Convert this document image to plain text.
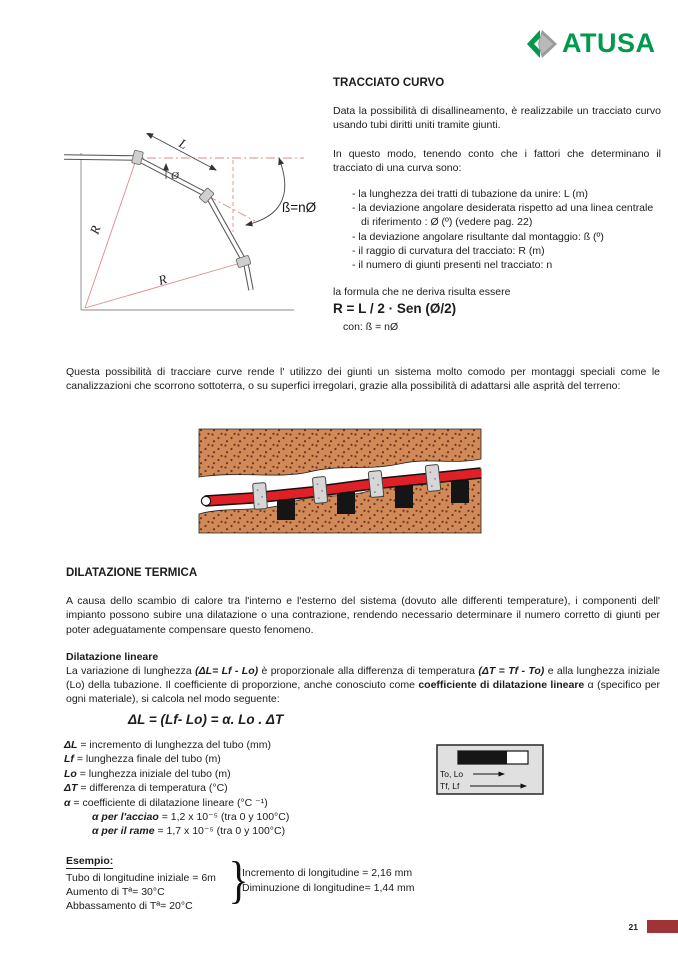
ATUSA
TRACCIATO CURVO

Data la possibilità di disallineamento, è realizzabile un tracciato curvo usando tubi diritti uniti tramite giunti.

In questo modo, tenendo conto che i fattori che determinano il tracciato di una curva sono:

- la lunghezza dei tratti di tubazione da unire: L (m)
- la deviazione angolare desiderata rispetto ad una linea centrale di riferimento : Ø (º) (vedere pag. 22)
- la deviazione angolare risultante dal montaggio: ß (º)
- il raggio di curvatura del tracciato: R (m)
- il numero di giunti presenti nel tracciato: n

la formula che ne deriva risulta essere

R = L / 2 · Sen (Ø/2)
con: ß = nØ
L
Ø
ß=nØ
R
R

Questa possibilità di tracciare curve rende l' utilizzo dei giunti un sistema molto comodo per montaggi speciali come le canalizzazioni che scorrono sottoterra, o su superfici irregolari, grazie alla possibilità di adattarsi alle asprità del terreno:

DILATAZIONE TERMICA

A causa dello scambio di calore tra l'interno e l'esterno del sistema (dovuto alle differenti temperature), i componenti dell' impianto possono subire una dilatazione o una contrazione, rendendo necessario determinare il numero corretto di giunti per poter adeguatamente compensare questo fenomeno.

Dilatazione lineare

La variazione di lunghezza (ΔL= Lf - Lo) è proporzionale alla differenza di temperatura (ΔT = Tf - To) e alla lunghezza iniziale (Lo) della tubazione. Il coefficiente di proporzione, anche conosciuto come coefficiente di dilatazione lineare α (specifico per ogni materiale), si calcola nel modo seguente:

ΔL = (Lf- Lo) = α. Lo . ΔT
ΔL = incremento di lunghezza del tubo (mm)
Lf = lunghezza finale del tubo (m)
Lo = lunghezza iniziale del tubo (m)
ΔT = differenza di temperatura (°C)
α = coefficiente di dilatazione lineare (°C ⁻¹)
α per l'acciao = 1,2 x 10⁻⁵ (tra 0 y 100°C)
α per il rame = 1,7 x 10⁻⁵ (tra 0 y 100°C)
To, Lo
Tf, Lf
Esempio:
Tubo di longitudine iniziale = 6m
Aumento di Tª= 30°C
Abbassamento di Tª= 20°C }
Incremento di longitudine = 2,16 mm
Diminuzione di longitudine= 1,44 mm
21
